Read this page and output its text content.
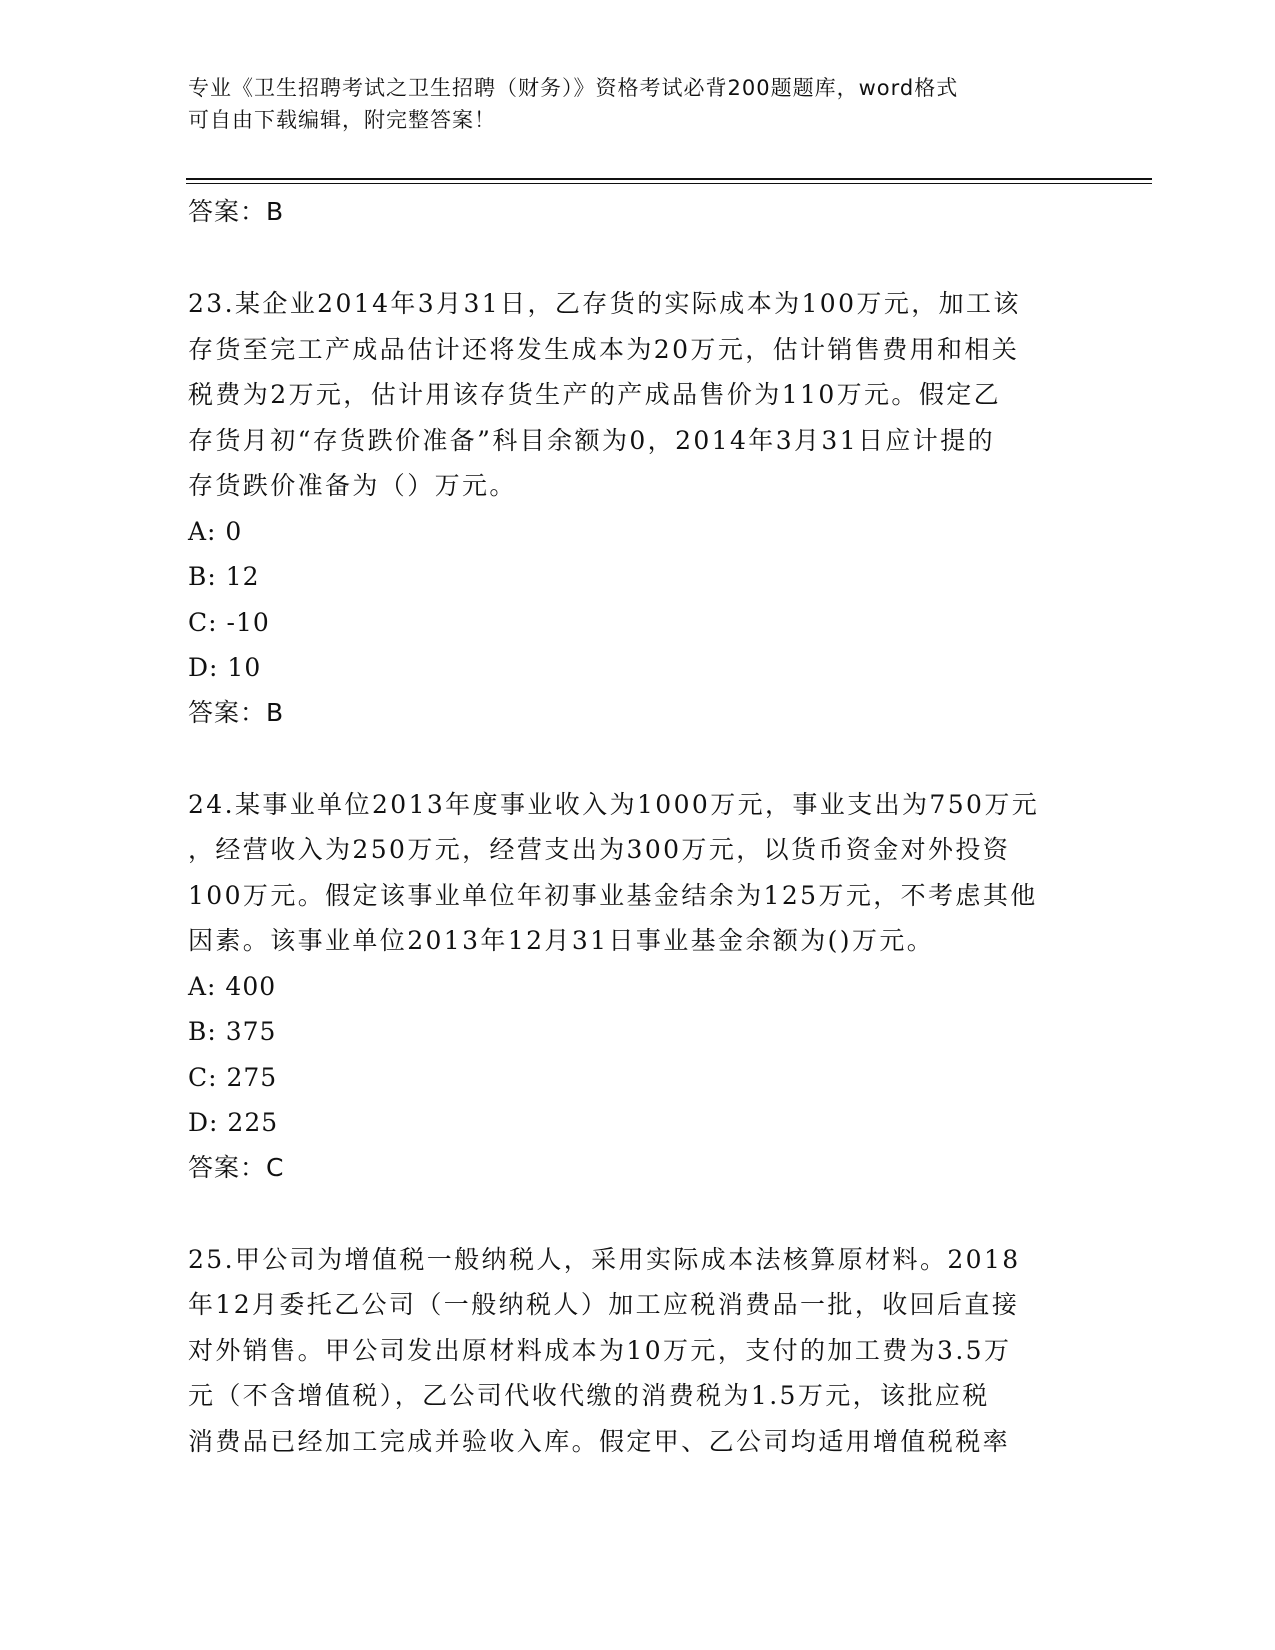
专业《卫生招聘考试之卫生招聘（财务）》资格考试必背200题题库，word格式
可自由下载编辑，附完整答案！
答案：B
23.某企业2014年3月31日，乙存货的实际成本为100万元，加工该
存货至完工产成品估计还将发生成本为20万元，估计销售费用和相关
税费为2万元，估计用该存货生产的产成品售价为110万元。假定乙
存货月初“存货跌价准备”科目余额为0，2014年3月31日应计提的
存货跌价准备为（）万元。
A: 0
B: 12
C: -10
D: 10
答案：B
24.某事业单位2013年度事业收入为1000万元，事业支出为750万元
，经营收入为250万元，经营支出为300万元，以货币资金对外投资
100万元。假定该事业单位年初事业基金结余为125万元，不考虑其他
因素。该事业单位2013年12月31日事业基金余额为()万元。
A: 400
B: 375
C: 275
D: 225
答案：C
25.甲公司为增值税一般纳税人，采用实际成本法核算原材料。2018
年12月委托乙公司（一般纳税人）加工应税消费品一批，收回后直接
对外销售。甲公司发出原材料成本为10万元，支付的加工费为3.5万
元（不含增值税），乙公司代收代缴的消费税为1.5万元，该批应税
消费品已经加工完成并验收入库。假定甲、乙公司均适用增值税税率
